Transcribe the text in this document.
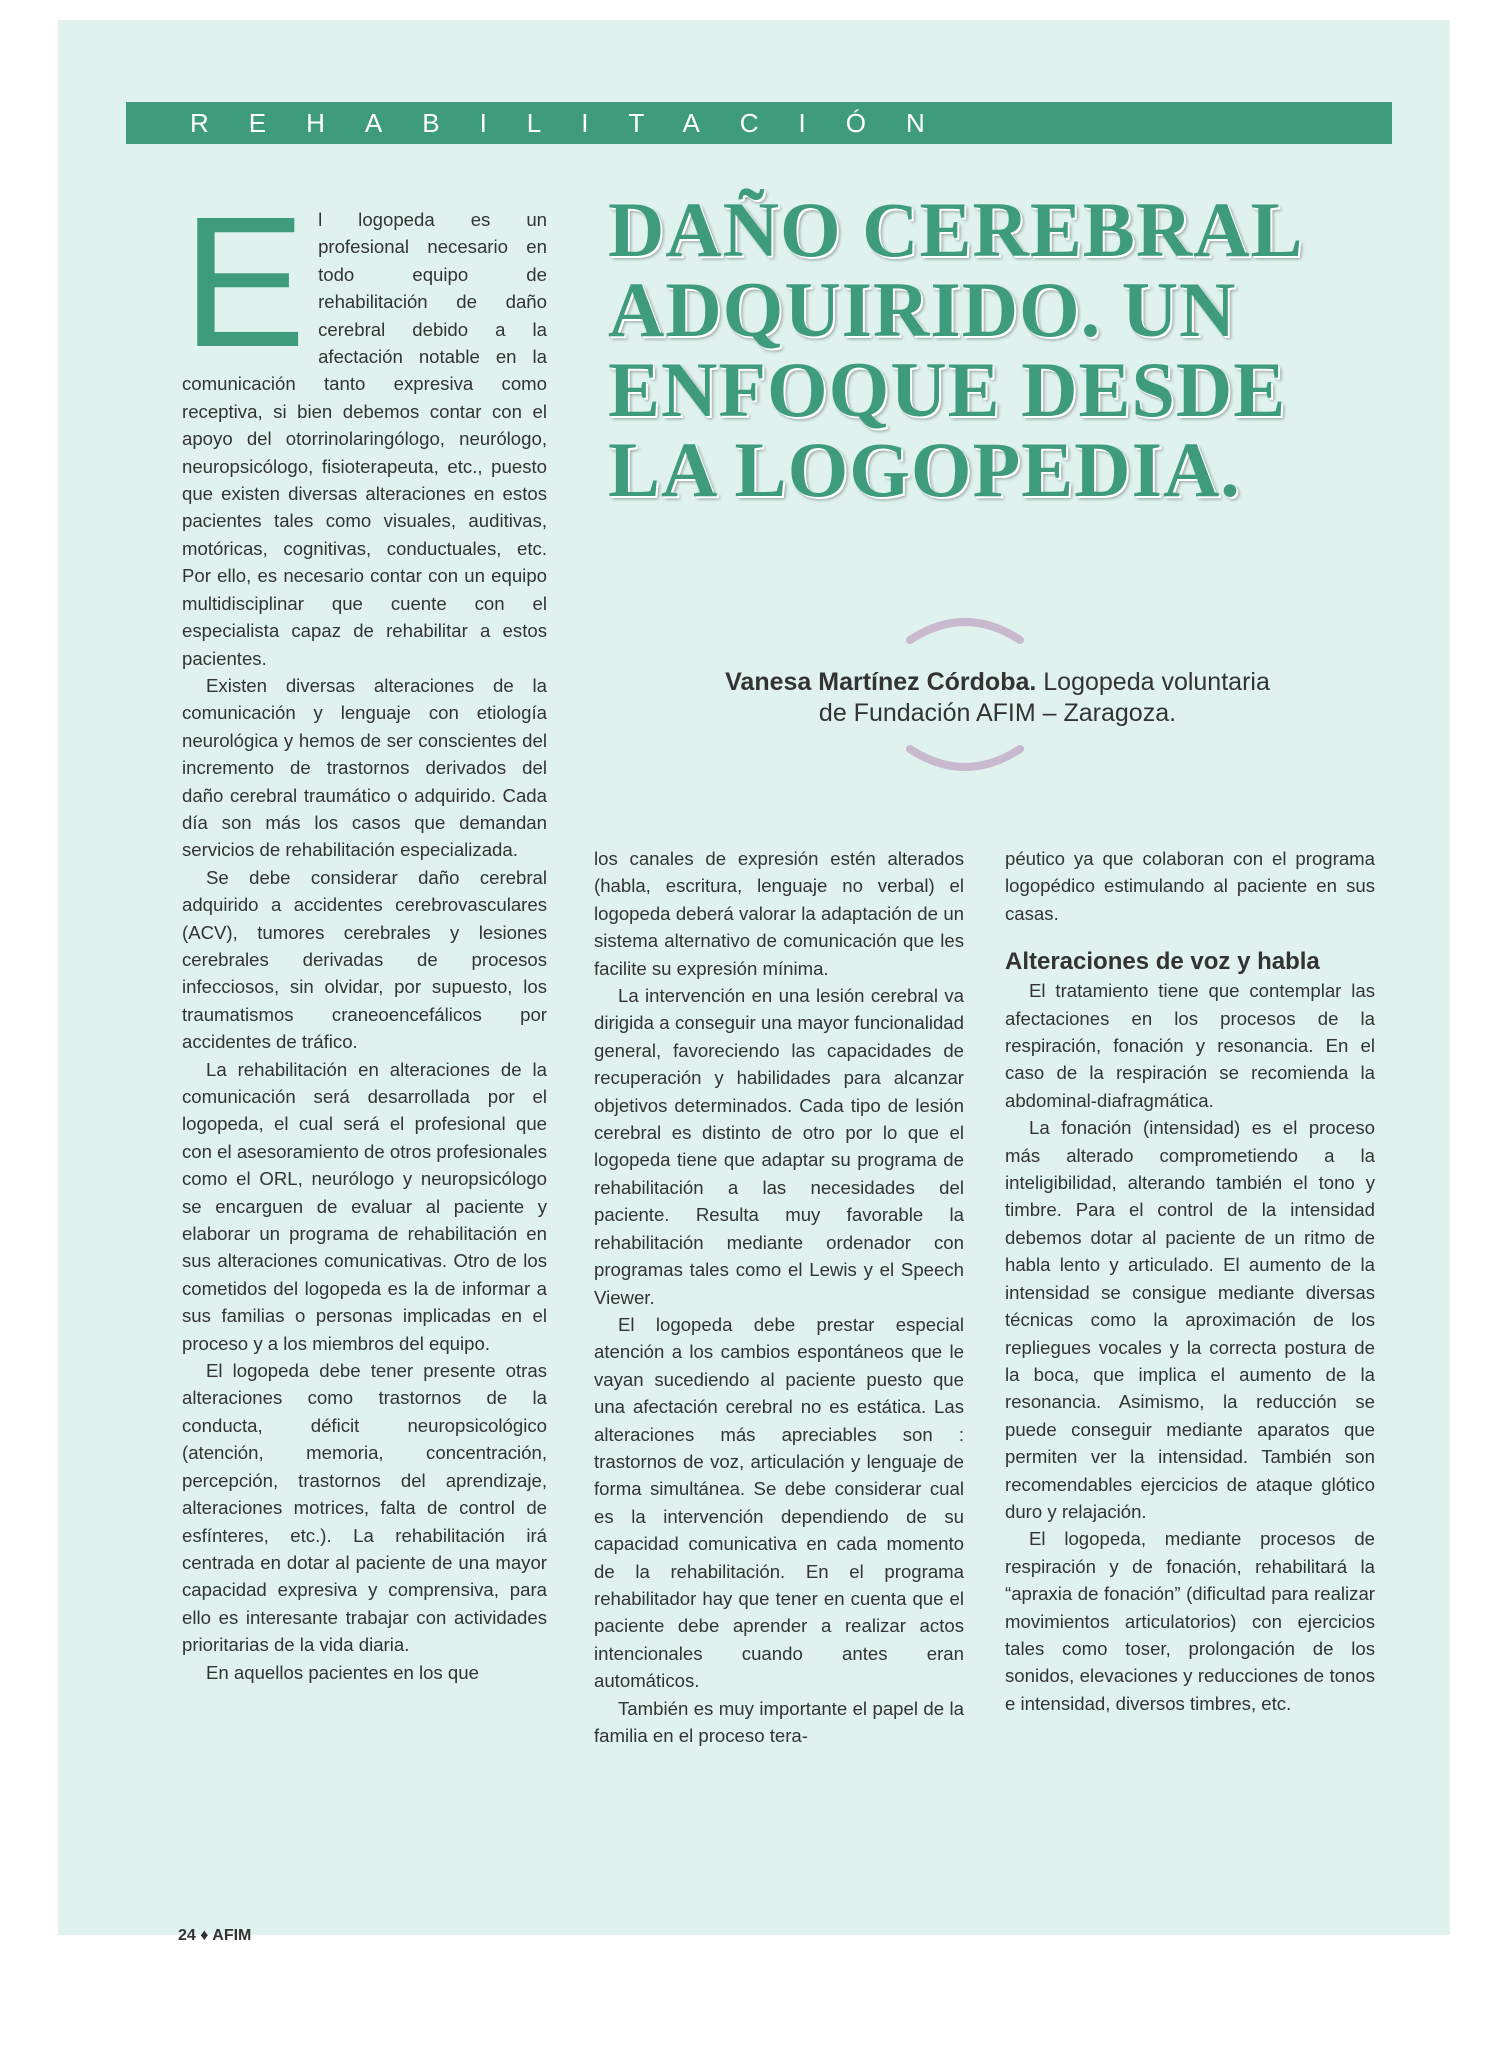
REHABILITACIÓN
DAÑO CEREBRAL
ADQUIRIDO. UN
ENFOQUE DESDE
LA LOGOPEDIA.
Vanesa Martínez Córdoba. Logopeda voluntaria
de Fundación AFIM – Zaragoza.

El logopeda es un profesional necesario en todo equipo de rehabilitación de daño cerebral debido a la afectación notable en la comunicación tanto expresiva como receptiva, si bien debemos contar con el apoyo del otorrinolaringólogo, neurólogo, neuropsicólogo, fisioterapeuta, etc., puesto que existen diversas alteraciones en estos pacientes tales como visuales, auditivas, motóricas, cognitivas, conductuales, etc. Por ello, es necesario contar con un equipo multidisciplinar que cuente con el especialista capaz de rehabilitar a estos pacientes.

Existen diversas alteraciones de la comunicación y lenguaje con etiología neurológica y hemos de ser conscientes del incremento de trastornos derivados del daño cerebral traumático o adquirido. Cada día son más los casos que demandan servicios de rehabilitación especializada.

Se debe considerar daño cerebral adquirido a accidentes cerebrovasculares (ACV), tumores cerebrales y lesiones cerebrales derivadas de procesos infecciosos, sin olvidar, por supuesto, los traumatismos craneoencefálicos por accidentes de tráfico.

La rehabilitación en alteraciones de la comunicación será desarrollada por el logopeda, el cual será el profesional que con el asesoramiento de otros profesionales como el ORL, neurólogo y neuropsicólogo se encarguen de evaluar al paciente y elaborar un programa de rehabilitación en sus alteraciones comunicativas. Otro de los cometidos del logopeda es la de informar a sus familias o personas implicadas en el proceso y a los miembros del equipo.

El logopeda debe tener presente otras alteraciones como trastornos de la conducta, déficit neuropsicológico (atención, memoria, concentración, percepción, trastornos del aprendizaje, alteraciones motrices, falta de control de esfínteres, etc.). La rehabilitación irá centrada en dotar al paciente de una mayor capacidad expresiva y comprensiva, para ello es interesante trabajar con actividades prioritarias de la vida diaria.

En aquellos pacientes en los que

los canales de expresión estén alterados (habla, escritura, lenguaje no verbal) el logopeda deberá valorar la adaptación de un sistema alternativo de comunicación que les facilite su expresión mínima.

La intervención en una lesión cerebral va dirigida a conseguir una mayor funcionalidad general, favoreciendo las capacidades de recuperación y habilidades para alcanzar objetivos determinados. Cada tipo de lesión cerebral es distinto de otro por lo que el logopeda tiene que adaptar su programa de rehabilitación a las necesidades del paciente. Resulta muy favorable la rehabilitación mediante ordenador con programas tales como el Lewis y el Speech Viewer.

El logopeda debe prestar especial atención a los cambios espontáneos que le vayan sucediendo al paciente puesto que una afectación cerebral no es estática. Las alteraciones más apreciables son : trastornos de voz, articulación y lenguaje de forma simultánea. Se debe considerar cual es la intervención dependiendo de su capacidad comunicativa en cada momento de la rehabilitación. En el programa rehabilitador hay que tener en cuenta que el paciente debe aprender a realizar actos intencionales cuando antes eran automáticos.

También es muy importante el papel de la familia en el proceso tera-

péutico ya que colaboran con el programa logopédico estimulando al paciente en sus casas.

Alteraciones de voz y habla

El tratamiento tiene que contemplar las afectaciones en los procesos de la respiración, fonación y resonancia. En el caso de la respiración se recomienda la abdominal-diafragmática.

La fonación (intensidad) es el proceso más alterado comprometiendo a la inteligibilidad, alterando también el tono y timbre. Para el control de la intensidad debemos dotar al paciente de un ritmo de habla lento y articulado. El aumento de la intensidad se consigue mediante diversas técnicas como la aproximación de los repliegues vocales y la correcta postura de la boca, que implica el aumento de la resonancia. Asimismo, la reducción se puede conseguir mediante aparatos que permiten ver la intensidad. También son recomendables ejercicios de ataque glótico duro y relajación.

El logopeda, mediante procesos de respiración y de fonación, rehabilitará la “apraxia de fonación” (dificultad para realizar movimientos articulatorios) con ejercicios tales como toser, prolongación de los sonidos, elevaciones y reducciones de tonos e intensidad, diversos timbres, etc.

24 ♦ AFIM
